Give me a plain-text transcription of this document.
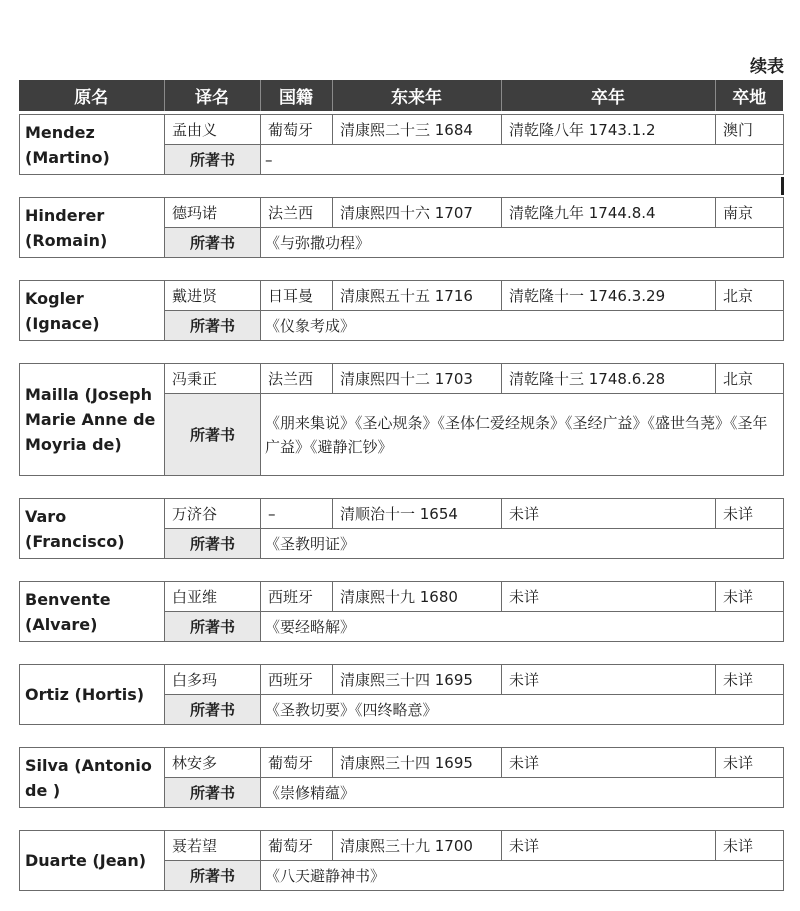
续表
原名	译名	国籍	东来年	卒年	卒地
Mendez (Martino)	孟由义	葡萄牙	清康熙二十三 1684	清乾隆八年 1743.1.2	澳门
	所著书	–			
Hinderer (Romain)	德玛诺	法兰西	清康熙四十六 1707	清乾隆九年 1744.8.4	南京
	所著书	《与弥撒功程》			
Kogler (Ignace)	戴进贤	日耳曼	清康熙五十五 1716	清乾隆十一 1746.3.29	北京
	所著书	《仪象考成》			
Mailla (Joseph Marie Anne de Moyria de)	冯秉正	法兰西	清康熙四十二 1703	清乾隆十三 1748.6.28	北京
	所著书	《朋来集说》《圣心规条》《圣体仁爱经规条》《圣经广益》《盛世刍荛》《圣年广益》《避静汇钞》			
Varo (Francisco)	万济谷	–	清顺治十一 1654	未详	未详
	所著书	《圣教明证》			
Benvente (Alvare)	白亚维	西班牙	清康熙十九 1680	未详	未详
	所著书	《要经略解》			
Ortiz (Hortis)	白多玛	西班牙	清康熙三十四 1695	未详	未详
	所著书	《圣教切要》《四终略意》			
Silva (Antonio de )	林安多	葡萄牙	清康熙三十四 1695	未详	未详
	所著书	《崇修精蕴》			
Duarte (Jean)	聂若望	葡萄牙	清康熙三十九 1700	未详	未详
	所著书	《八天避静神书》			
